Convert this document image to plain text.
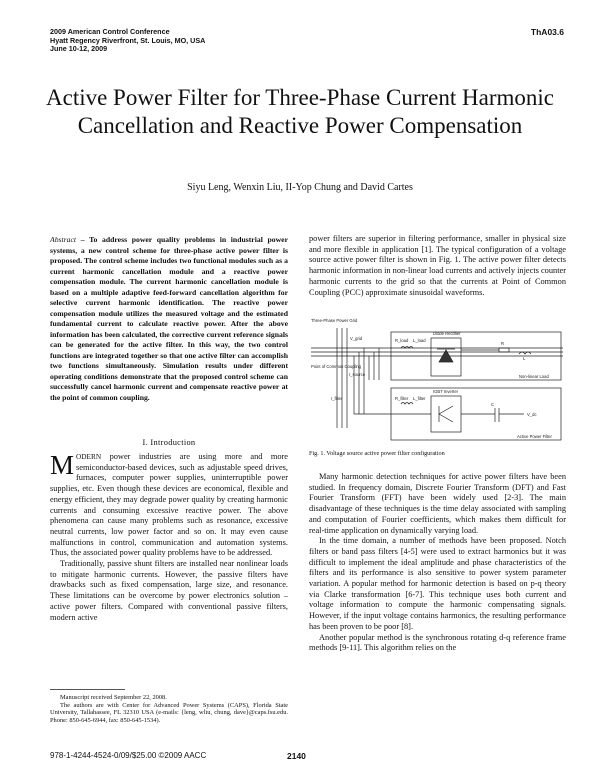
2009 American Control Conference
Hyatt Regency Riverfront, St. Louis, MO, USA
June 10-12, 2009
ThA03.6
Active Power Filter for Three-Phase Current Harmonic Cancellation and Reactive Power Compensation
Siyu Leng, Wenxin Liu, II-Yop Chung and David Cartes
Abstract – To address power quality problems in industrial power systems, a new control scheme for three-phase active power filter is proposed. The control scheme includes two functional modules such as a current harmonic cancellation module and a reactive power compensation module. The current harmonic cancellation module is based on a multiple adaptive feed-forward cancellation algorithm for selective current harmonic identification. The reactive power compensation module utilizes the measured voltage and the estimated fundamental current to calculate reactive power. After the above information has been calculated, the corrective current reference signals can be generated for the active filter. In this way, the two control functions are integrated together so that one active filter can accomplish two functions simultaneously. Simulation results under different operating conditions demonstrate that the proposed control scheme can successfully cancel harmonic current and compensate reactive power at the point of common coupling.
I. Introduction

MODERN power industries are using more and more semiconductor-based devices, such as adjustable speed drives, furnaces, computer power supplies, uninterruptible power supplies, etc. Even though these devices are economical, flexible and energy efficient, they may degrade power quality by creating harmonic currents and consuming excessive reactive power. The above phenomena can cause many problems such as resonance, excessive neutral currents, low power factor and so on. It may even cause malfunctions in control, communication and automation systems. Thus, the associated power quality problems have to be addressed.

Traditionally, passive shunt filters are installed near nonlinear loads to mitigate harmonic currents. However, the passive filters have drawbacks such as fixed compensation, large size, and resonance. These limitations can be overcome by power electronics solution – active power filters. Compared with conventional passive filters, modern active

Manuscript received September 22, 2008.
The authors are with Center for Advanced Power Systems (CAPS), Florida State University, Tallahassee, FL 32310 USA (e-mails: {leng, wliu, chung, dave}@caps.fsu.edu. Phone: 850-645-6944, fax: 850-645-1534).
power filters are superior in filtering performance, smaller in physical size and more flexible in application [1]. The typical configuration of a voltage source active power filter is shown in Fig. 1. The active power filter detects harmonic information in non-linear load currents and actively injects counter harmonic currents to the grid so that the currents at Point of Common Coupling (PCC) approximate sinusoidal waveforms.
Three-Phase Power Grid
Point of Common Coupling
V_grid
I_source
I_filter
R_load L_load
Diode Rectifier
R
L
Non-linear Load
IGBT Inverter
R_filter L_filter
C
V_dc
Active Power Filter
Fig. 1. Voltage source active power filter configuration

Many harmonic detection techniques for active power filters have been studied. In frequency domain, Discrete Fourier Transform (DFT) and Fast Fourier Transform (FFT) have been widely used [2-3]. The main disadvantage of these techniques is the time delay associated with sampling and computation of Fourier coefficients, which makes them difficult for real-time application on dynamically varying load.

In the time domain, a number of methods have been proposed. Notch filters or band pass filters [4-5] were used to extract harmonics but it was difficult to implement the ideal amplitude and phase characteristics of the filters and its performance is also sensitive to power system parameter variation. A popular method for harmonic detection is based on p-q theory via Clarke transformation [6-7]. This technique uses both current and voltage information to compute the harmonic compensating signals. However, if the input voltage contains harmonics, the resulting performance has been proven to be poor [8].

Another popular method is the synchronous rotating d-q reference frame methods [9-11]. This algorithm relies on the

978-1-4244-4524-0/09/$25.00 ©2009 AACC	2140
